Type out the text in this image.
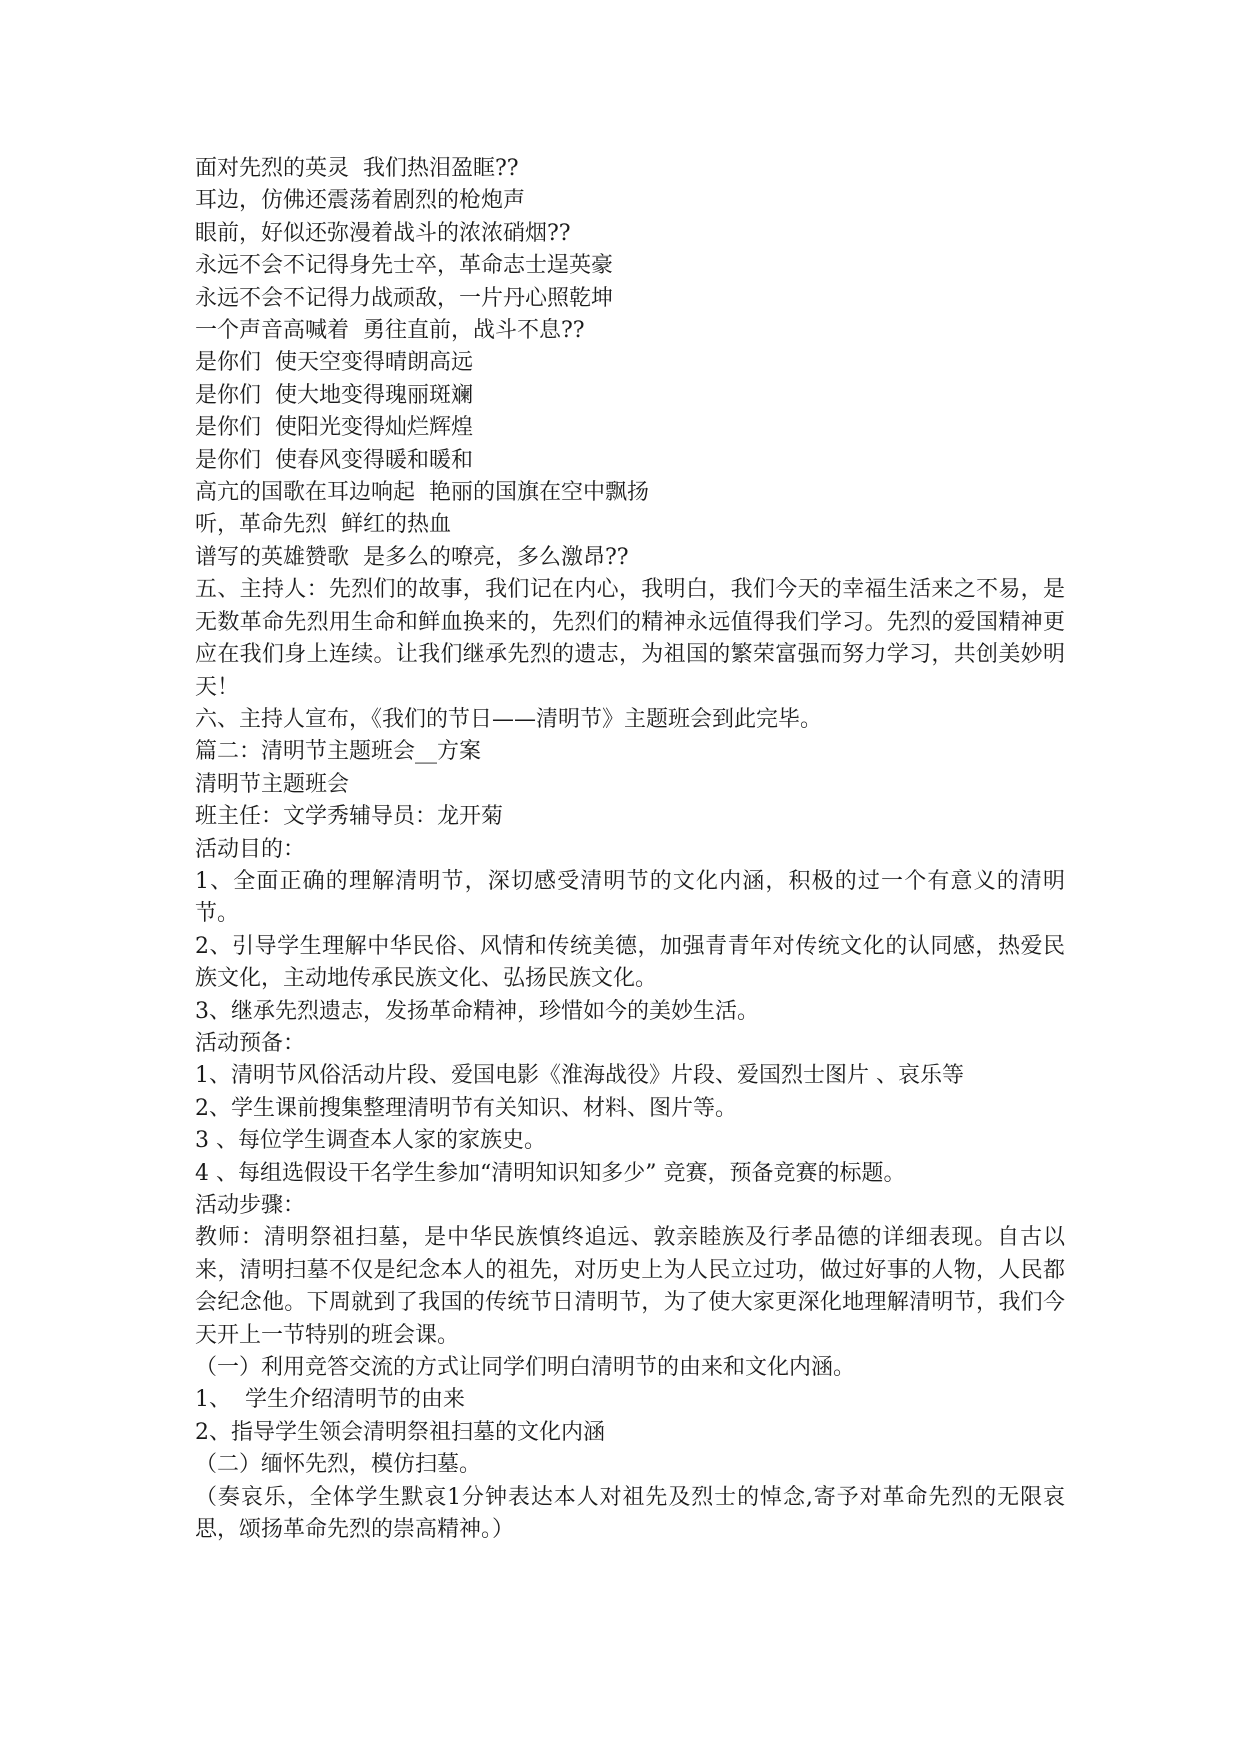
面对先烈的英灵  我们热泪盈眶??

耳边，仿佛还震荡着剧烈的枪炮声

眼前，好似还弥漫着战斗的浓浓硝烟??

永远不会不记得身先士卒，革命志士逞英豪

永远不会不记得力战顽敌，一片丹心照乾坤

一个声音高喊着  勇往直前，战斗不息??

是你们  使天空变得晴朗高远

是你们  使大地变得瑰丽斑斓

是你们  使阳光变得灿烂辉煌

是你们  使春风变得暖和暖和

高亢的国歌在耳边响起  艳丽的国旗在空中飘扬

听，革命先烈  鲜红的热血

谱写的英雄赞歌  是多么的嘹亮，多么激昂??

五、主持人：先烈们的故事，我们记在内心，我明白，我们今天的幸福生活来之不易，是无数革命先烈用生命和鲜血换来的，先烈们的精神永远值得我们学习。先烈的爱国精神更应在我们身上连续。让我们继承先烈的遗志，为祖国的繁荣富强而努力学习，共创美妙明天！

六、主持人宣布，《我们的节日——清明节》主题班会到此完毕。

篇二：清明节主题班会__方案

清明节主题班会

班主任：文学秀辅导员：龙开菊

活动目的：

1、全面正确的理解清明节，深切感受清明节的文化内涵，积极的过一个有意义的清明节。

2、引导学生理解中华民俗、风情和传统美德，加强青青年对传统文化的认同感，热爱民族文化，主动地传承民族文化、弘扬民族文化。

3、继承先烈遗志，发扬革命精神，珍惜如今的美妙生活。

活动预备：

1、清明节风俗活动片段、爱国电影《淮海战役》片段、爱国烈士图片 、哀乐等

2、学生课前搜集整理清明节有关知识、材料、图片等。

3 、每位学生调查本人家的家族史。

4 、每组选假设干名学生参加“清明知识知多少” 竞赛，预备竞赛的标题。

活动步骤：

教师：清明祭祖扫墓，是中华民族慎终追远、敦亲睦族及行孝品德的详细表现。自古以来，清明扫墓不仅是纪念本人的祖先，对历史上为人民立过功，做过好事的人物，人民都会纪念他。下周就到了我国的传统节日清明节，为了使大家更深化地理解清明节，我们今天开上一节特别的班会课。

（一）利用竞答交流的方式让同学们明白清明节的由来和文化内涵。

1、  学生介绍清明节的由来

2、指导学生领会清明祭祖扫墓的文化内涵

（二）缅怀先烈，模仿扫墓。

（奏哀乐，全体学生默哀1分钟表达本人对祖先及烈士的悼念,寄予对革命先烈的无限哀思，颂扬革命先烈的崇高精神。）
